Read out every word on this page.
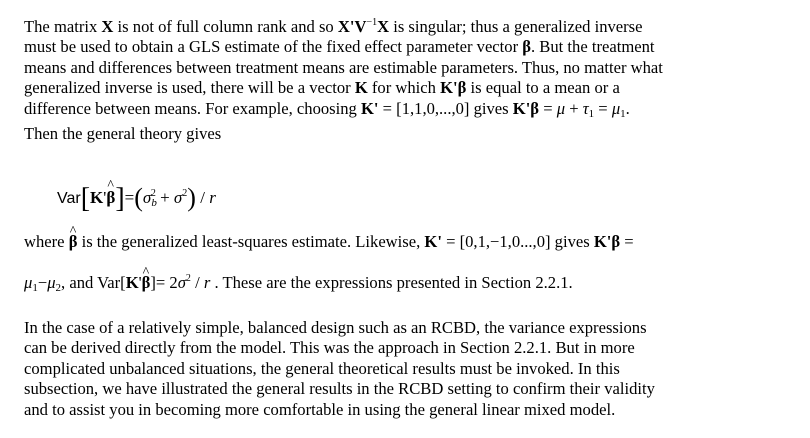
The matrix X is not of full column rank and so $X'V^{-1}X$ is singular; thus a generalized inverse
must be used to obtain a GLS estimate of the fixed effect parameter vector β. But the treatment
means and differences between treatment means are estimable parameters. Thus, no matter what
generalized inverse is used, there will be a vector K for which K'β is equal to a mean or a
difference between means. For example, choosing K' = [1,1,0,...,0] gives $K'\beta = \mu + \tau_1 = \mu_1$.
Then the general theory gives

Var[K'^ $\beta]=(\sigma_b^2 + \sigma^2) / r$

where ^ β is the generalized least-squares estimate. Likewise, K' = [0,1,−1,0...,0] gives K'β =
$\mu_1-\mu_2$, and Var[K'^ $\beta]= 2\sigma^2 / r$ . These are the expressions presented in Section 2.2.1.

In the case of a relatively simple, balanced design such as an RCBD, the variance expressions
can be derived directly from the model. This was the approach in Section 2.2.1. But in more
complicated unbalanced situations, the general theoretical results must be invoked. In this
subsection, we have illustrated the general results in the RCBD setting to confirm their validity
and to assist you in becoming more comfortable in using the general linear mixed model.
